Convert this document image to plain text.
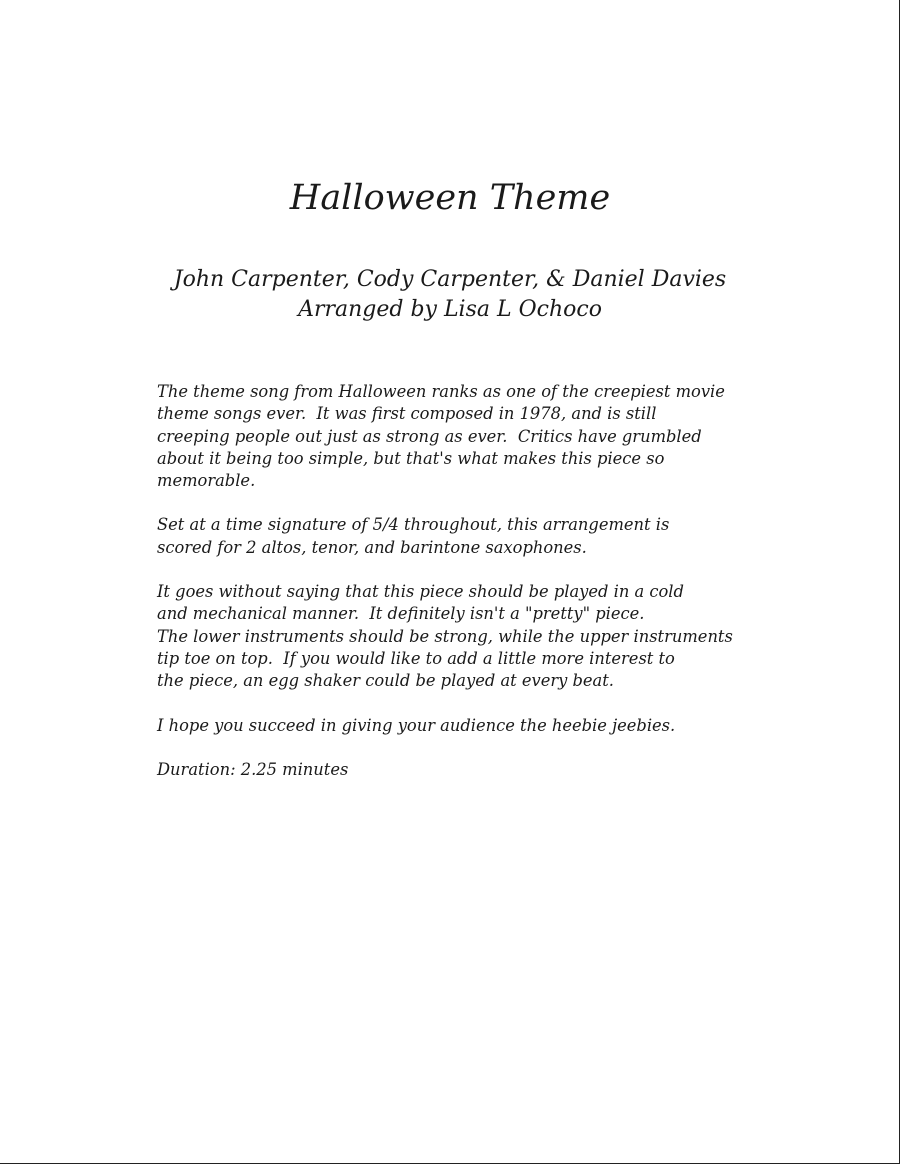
Halloween Theme
John Carpenter, Cody Carpenter, & Daniel Davies
Arranged by Lisa L Ochoco

The theme song from Halloween ranks as one of the creepiest movie
theme songs ever.  It was first composed in 1978, and is still
creeping people out just as strong as ever.  Critics have grumbled
about it being too simple, but that's what makes this piece so
memorable.

Set at a time signature of 5/4 throughout, this arrangement is
scored for 2 altos, tenor, and barintone saxophones.

It goes without saying that this piece should be played in a cold
and mechanical manner.  It definitely isn't a "pretty" piece.
The lower instruments should be strong, while the upper instruments
tip toe on top.  If you would like to add a little more interest to
the piece, an egg shaker could be played at every beat.

I hope you succeed in giving your audience the heebie jeebies.

Duration: 2.25 minutes
